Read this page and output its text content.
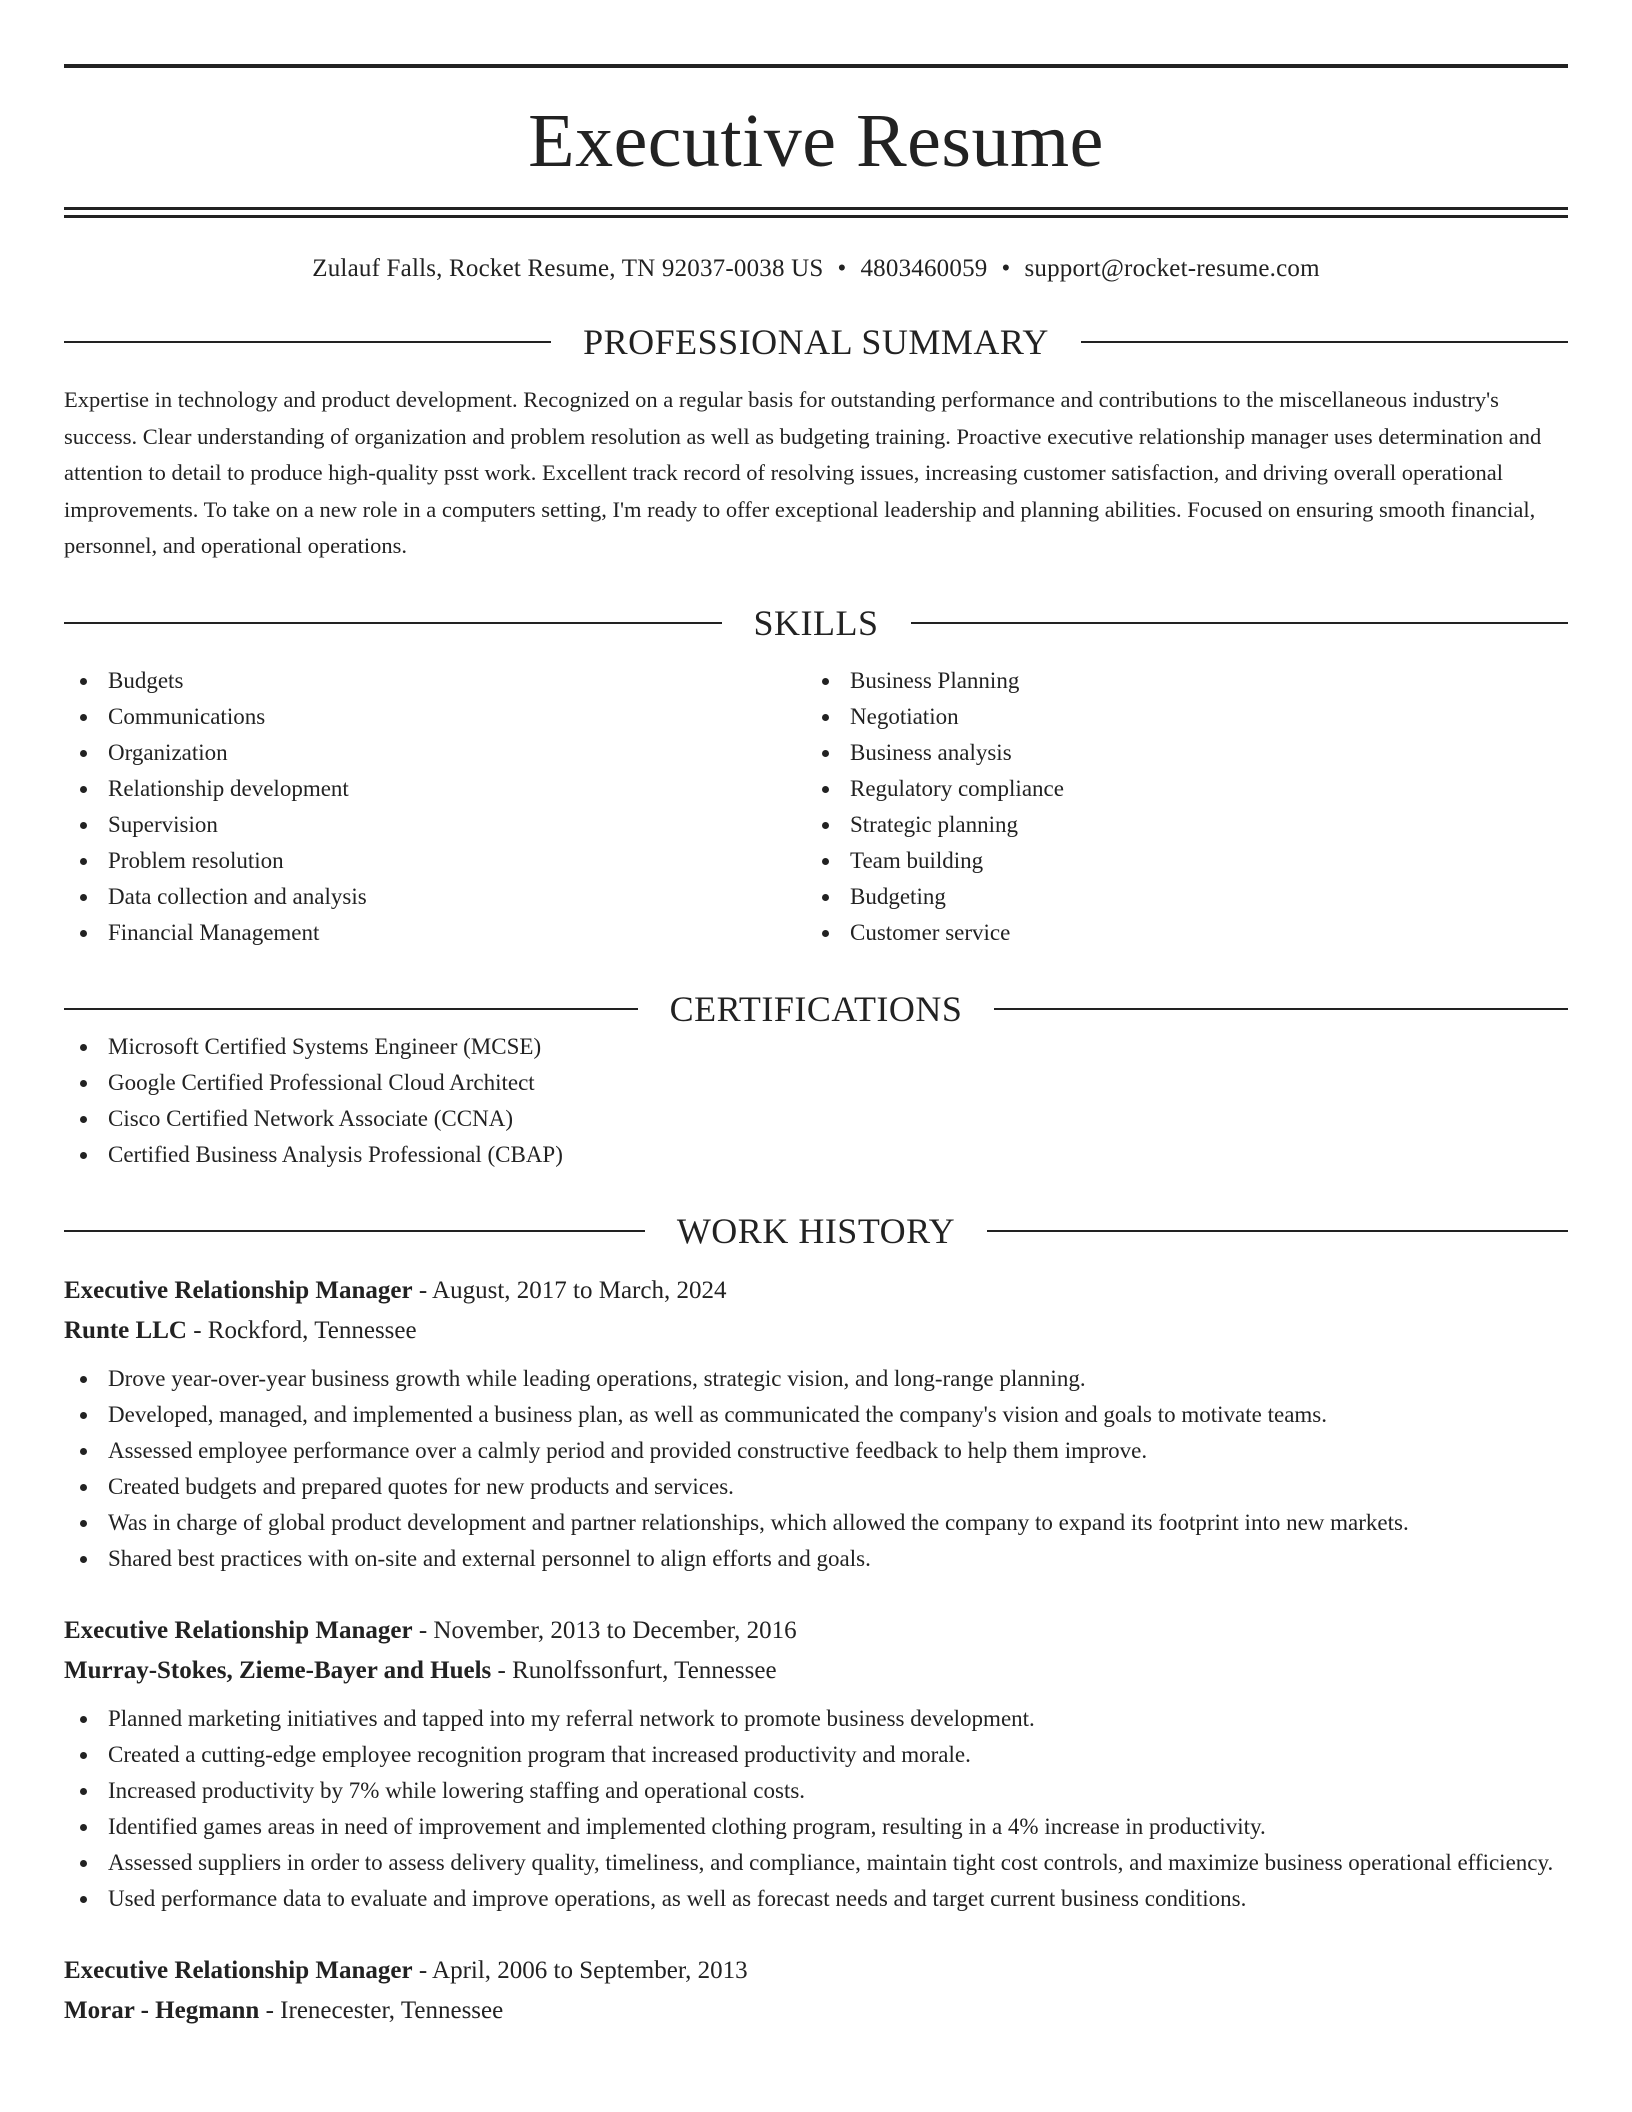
Executive Resume
Zulauf Falls, Rocket Resume, TN 92037-0038 US • 4803460059 • support@rocket-resume.com
PROFESSIONAL SUMMARY
Expertise in technology and product development. Recognized on a regular basis for outstanding performance and contributions to the miscellaneous industry's success. Clear understanding of organization and problem resolution as well as budgeting training. Proactive executive relationship manager uses determination and attention to detail to produce high-quality psst work. Excellent track record of resolving issues, increasing customer satisfaction, and driving overall operational improvements. To take on a new role in a computers setting, I'm ready to offer exceptional leadership and planning abilities. Focused on ensuring smooth financial, personnel, and operational operations.
SKILLS
Budgets
Communications
Organization
Relationship development
Supervision
Problem resolution
Data collection and analysis
Financial Management
Business Planning
Negotiation
Business analysis
Regulatory compliance
Strategic planning
Team building
Budgeting
Customer service
CERTIFICATIONS
Microsoft Certified Systems Engineer (MCSE)
Google Certified Professional Cloud Architect
Cisco Certified Network Associate (CCNA)
Certified Business Analysis Professional (CBAP)
WORK HISTORY
Executive Relationship Manager - August, 2017 to March, 2024
Runte LLC - Rockford, Tennessee
Drove year-over-year business growth while leading operations, strategic vision, and long-range planning.
Developed, managed, and implemented a business plan, as well as communicated the company's vision and goals to motivate teams.
Assessed employee performance over a calmly period and provided constructive feedback to help them improve.
Created budgets and prepared quotes for new products and services.
Was in charge of global product development and partner relationships, which allowed the company to expand its footprint into new markets.
Shared best practices with on-site and external personnel to align efforts and goals.
Executive Relationship Manager - November, 2013 to December, 2016
Murray-Stokes, Zieme-Bayer and Huels - Runolfssonfurt, Tennessee
Planned marketing initiatives and tapped into my referral network to promote business development.
Created a cutting-edge employee recognition program that increased productivity and morale.
Increased productivity by 7% while lowering staffing and operational costs.
Identified games areas in need of improvement and implemented clothing program, resulting in a 4% increase in productivity.
Assessed suppliers in order to assess delivery quality, timeliness, and compliance, maintain tight cost controls, and maximize business operational efficiency.
Used performance data to evaluate and improve operations, as well as forecast needs and target current business conditions.
Executive Relationship Manager - April, 2006 to September, 2013
Morar - Hegmann - Irenecester, Tennessee
